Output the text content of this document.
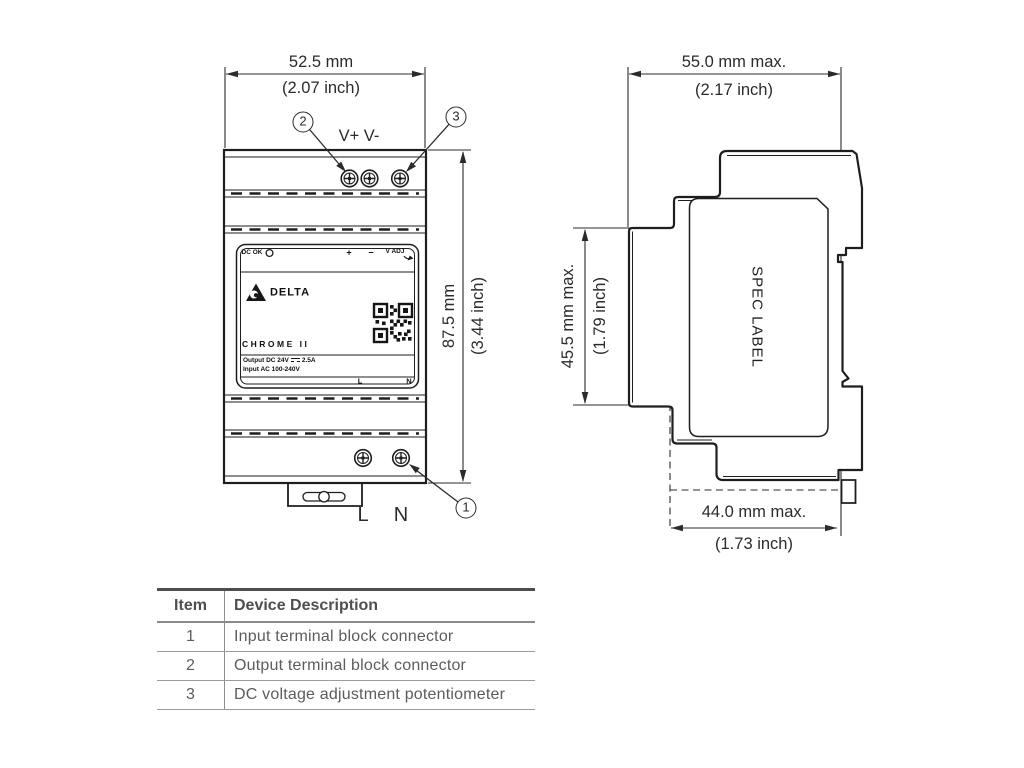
52.5 mm
(2.07 inch)
V+ V-
87.5 mm (3.44 inch)
L N
2	3
1
DC OK	+ − V ADJ
DELTA
CHROME II
Output DC 24V 2.5A
Input AC 100-240V
L	N
55.0 mm max.
(2.17 inch)
45.5 mm max. (1.79 inch)	SPEC LABEL
44.0 mm max.
(1.73 inch)
Item	Device Description
1	Input terminal block connector
2	Output terminal block connector
3	DC voltage adjustment potentiometer
